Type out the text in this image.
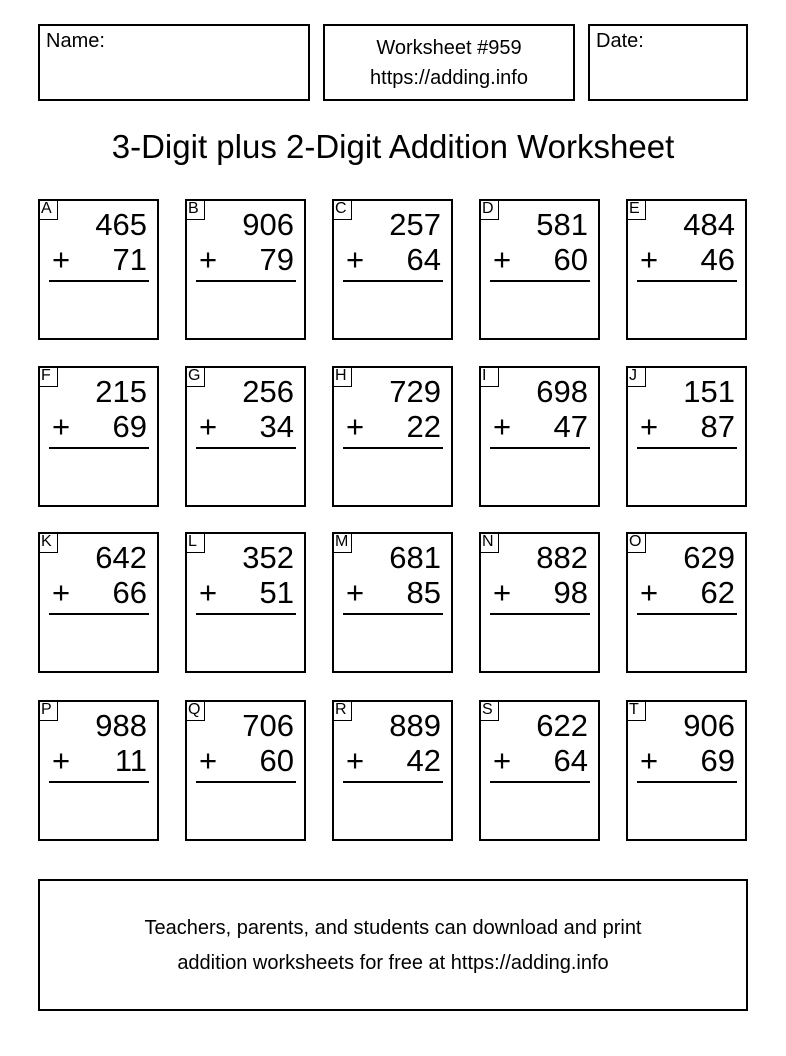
Name:	Worksheet #959
https://adding.info
Date:
3-Digit plus 2-Digit Addition Worksheet
A 465
+ 71
B 906
+ 79
C 257
+ 64
D 581
+ 60
E 484
+ 46
F 215
+ 69
G 256
+ 34
H 729
+ 22
I	698
+ 47
J 151
+ 87
K 642
+ 66
L 352
+ 51
M 681
+ 85
N 882
+ 98
O 629
+ 62
P 988
+ 11
Q 706
+ 60
R 889
+ 42
S 622
+ 64
T 906
+ 69
Teachers, parents, and students can download and print
addition worksheets for free at https://adding.info
